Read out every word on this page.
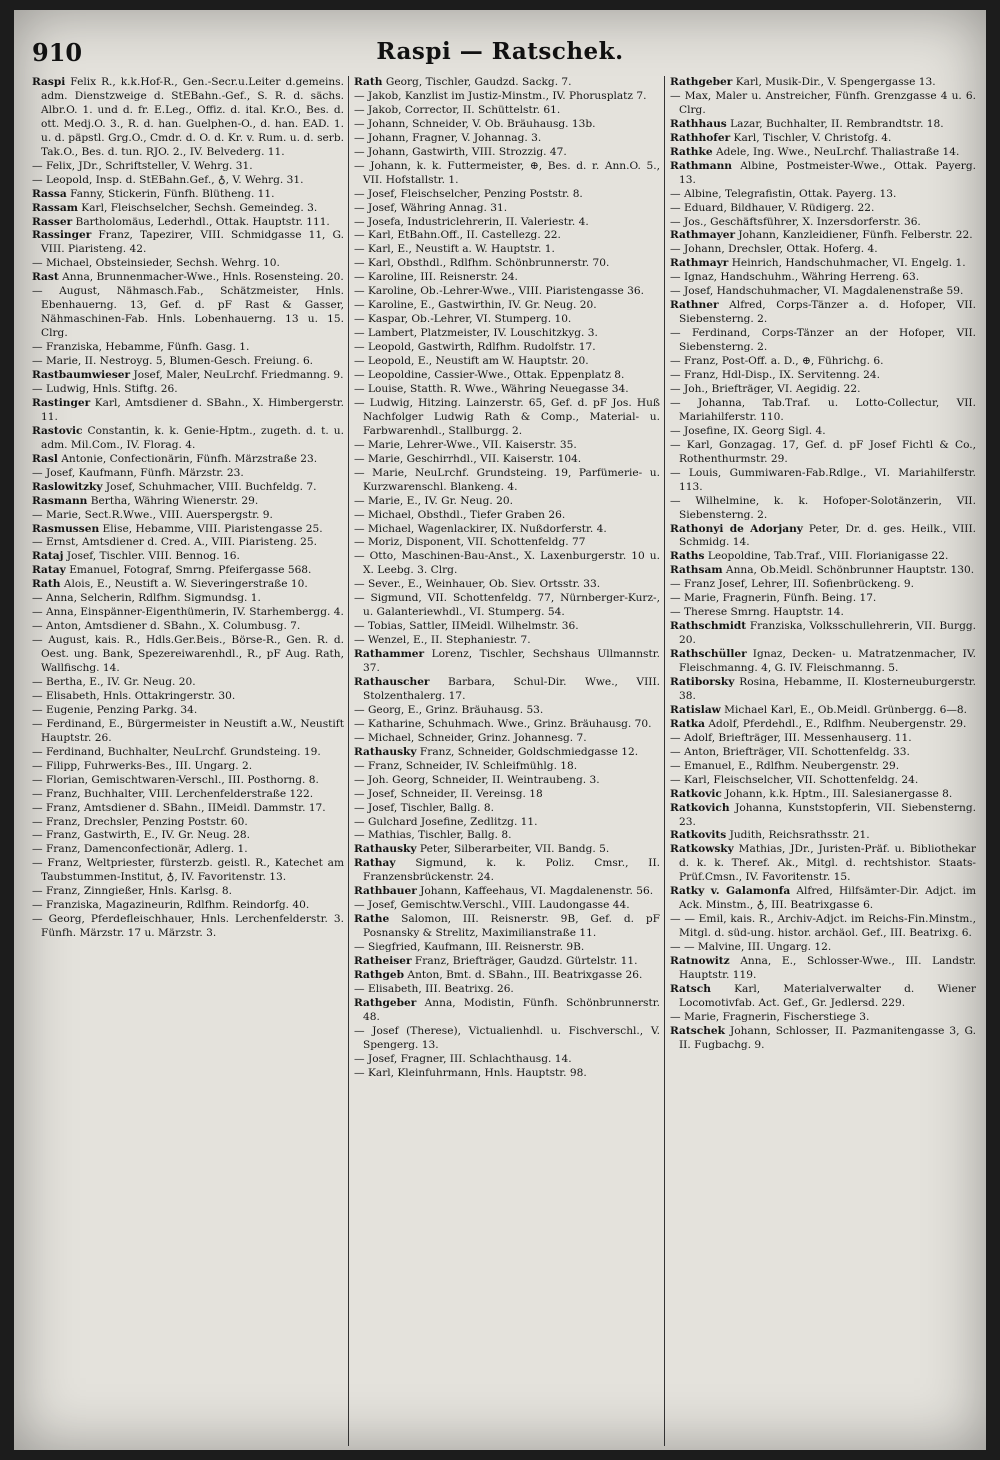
910	Raspi — Ratschek.

Raspi Felix R., k.k.Hof-R., Gen.-Secr.u.Leiter d.gemeins. adm. Dienstzweige d. StEBahn.-Gef., S. R. d. sächs. Albr.O. 1. und d. fr. E.Leg., Offiz. d. ital. Kr.O., Bes. d. ott. Medj.O. 3., R. d. han. Guelphen-O., d. han. EAD. 1. u. d. päpstl. Grg.O., Cmdr. d. O. d. Kr. v. Rum. u. d. serb. Tak.O., Bes. d. tun. RJO. 2., IV. Belvederg. 11.

— Felix, JDr., Schriftsteller, V. Wehrg. 31.

— Leopold, Insp. d. StEBahn.Gef., ♁, V. Wehrg. 31.

Rassa Fanny, Stickerin, Fünfh. Blütheng. 11.

Rassam Karl, Fleischselcher, Sechsh. Gemeindeg. 3.

Rasser Bartholomäus, Lederhdl., Ottak. Hauptstr. 111.

Rassinger Franz, Tapezirer, VIII. Schmidgasse 11, G. VIII. Piaristeng. 42.

— Michael, Obsteinsieder, Sechsh. Wehrg. 10.

Rast Anna, Brunnenmacher-Wwe., Hnls. Rosensteing. 20.

— August, Nähmasch.Fab., Schätzmeister, Hnls. Ebenhauerng. 13, Gef. d. pF Rast & Gasser, Nähmaschinen-Fab. Hnls. Lobenhauerng. 13 u. 15. Clrg.

— Franziska, Hebamme, Fünfh. Gasg. 1.

— Marie, II. Nestroyg. 5, Blumen-Gesch. Freiung. 6.

Rastbaumwieser Josef, Maler, NeuLrchf. Friedmanng. 9.

— Ludwig, Hnls. Stiftg. 26.

Rastinger Karl, Amtsdiener d. SBahn., X. Himbergerstr. 11.

Rastovic Constantin, k. k. Genie-Hptm., zugeth. d. t. u. adm. Mil.Com., IV. Florag. 4.

Rasl Antonie, Confectionärin, Fünfh. Märzstraße 23.

— Josef, Kaufmann, Fünfh. Märzstr. 23.

Raslowitzky Josef, Schuhmacher, VIII. Buchfeldg. 7.

Rasmann Bertha, Währing Wienerstr. 29.

— Marie, Sect.R.Wwe., VIII. Auerspergstr. 9.

Rasmussen Elise, Hebamme, VIII. Piaristengasse 25.

— Ernst, Amtsdiener d. Cred. A., VIII. Piaristeng. 25.

Rataj Josef, Tischler. VIII. Bennog. 16.

Ratay Emanuel, Fotograf, Smrng. Pfeifergasse 568.

Rath Alois, E., Neustift a. W. Sieveringerstraße 10.

— Anna, Selcherin, Rdlfhm. Sigmundsg. 1.

— Anna, Einspänner-Eigenthümerin, IV. Starhembergg. 4.

— Anton, Amtsdiener d. SBahn., X. Columbusg. 7.

— August, kais. R., Hdls.Ger.Beis., Börse-R., Gen. R. d. Oest. ung. Bank, Spezereiwarenhdl., R., pF Aug. Rath, Wallfischg. 14.

— Bertha, E., IV. Gr. Neug. 20.

— Elisabeth, Hnls. Ottakringerstr. 30.

— Eugenie, Penzing Parkg. 34.

— Ferdinand, E., Bürgermeister in Neustift a.W., Neustift Hauptstr. 26.

— Ferdinand, Buchhalter, NeuLrchf. Grundsteing. 19.

— Filipp, Fuhrwerks-Bes., III. Ungarg. 2.

— Florian, Gemischtwaren-Verschl., III. Posthorng. 8.

— Franz, Buchhalter, VIII. Lerchenfelderstraße 122.

— Franz, Amtsdiener d. SBahn., IIMeidl. Dammstr. 17.

— Franz, Drechsler, Penzing Poststr. 60.

— Franz, Gastwirth, E., IV. Gr. Neug. 28.

— Franz, Damenconfectionär, Adlerg. 1.

— Franz, Weltpriester, fürsterzb. geistl. R., Katechet am Taubstummen-Institut, ♁, IV. Favoritenstr. 13.

— Franz, Zinngießer, Hnls. Karlsg. 8.

— Franziska, Magazineurin, Rdlfhm. Reindorfg. 40.

— Georg, Pferdefleischhauer, Hnls. Lerchenfelderstr. 3. Fünfh. Märzstr. 17 u. Märzstr. 3.

Rath Georg, Tischler, Gaudzd. Sackg. 7.

— Jakob, Kanzlist im Justiz-Minstm., IV. Phorusplatz 7.

— Jakob, Corrector, II. Schüttelstr. 61.

— Johann, Schneider, V. Ob. Bräuhausg. 13b.

— Johann, Fragner, V. Johannag. 3.

— Johann, Gastwirth, VIII. Strozzig. 47.

— Johann, k. k. Futtermeister, ⊕, Bes. d. r. Ann.O. 5., VII. Hofstallstr. 1.

— Josef, Fleischselcher, Penzing Poststr. 8.

— Josef, Währing Annag. 31.

— Josefa, Industriclehrerin, II. Valeriestr. 4.

— Karl, EtBahn.Off., II. Castellezg. 22.

— Karl, E., Neustift a. W. Hauptstr. 1.

— Karl, Obsthdl., Rdlfhm. Schönbrunnerstr. 70.

— Karoline, III. Reisnerstr. 24.

— Karoline, Ob.-Lehrer-Wwe., VIII. Piaristengasse 36.

— Karoline, E., Gastwirthin, IV. Gr. Neug. 20.

— Kaspar, Ob.-Lehrer, VI. Stumperg. 10.

— Lambert, Platzmeister, IV. Louschitzkyg. 3.

— Leopold, Gastwirth, Rdlfhm. Rudolfstr. 17.

— Leopold, E., Neustift am W. Hauptstr. 20.

— Leopoldine, Cassier-Wwe., Ottak. Eppenplatz 8.

— Louise, Statth. R. Wwe., Währing Neuegasse 34.

— Ludwig, Hitzing. Lainzerstr. 65, Gef. d. pF Jos. Huß Nachfolger Ludwig Rath & Comp., Material- u. Farbwarenhdl., Stallburgg. 2.

— Marie, Lehrer-Wwe., VII. Kaiserstr. 35.

— Marie, Geschirrhdl., VII. Kaiserstr. 104.

— Marie, NeuLrchf. Grundsteing. 19, Parfümerie- u. Kurzwarenschl. Blankeng. 4.

— Marie, E., IV. Gr. Neug. 20.

— Michael, Obsthdl., Tiefer Graben 26.

— Michael, Wagenlackirer, IX. Nußdorferstr. 4.

— Moriz, Disponent, VII. Schottenfeldg. 77

— Otto, Maschinen-Bau-Anst., X. Laxenburgerstr. 10 u. X. Leebg. 3. Clrg.

— Sever., E., Weinhauer, Ob. Siev. Ortsstr. 33.

— Sigmund, VII. Schottenfeldg. 77, Nürnberger-Kurz-, u. Galanteriewhdl., VI. Stumperg. 54.

— Tobias, Sattler, IIMeidl. Wilhelmstr. 36.

— Wenzel, E., II. Stephaniestr. 7.

Rathammer Lorenz, Tischler, Sechshaus Ullmannstr. 37.

Rathauscher Barbara, Schul-Dir. Wwe., VIII. Stolzenthalerg. 17.

— Georg, E., Grinz. Bräuhausg. 53.

— Katharine, Schuhmach. Wwe., Grinz. Bräuhausg. 70.

— Michael, Schneider, Grinz. Johannesg. 7.

Rathausky Franz, Schneider, Goldschmiedgasse 12.

— Franz, Schneider, IV. Schleifmühlg. 18.

— Joh. Georg, Schneider, II. Weintraubeng. 3.

— Josef, Schneider, II. Vereinsg. 18

— Josef, Tischler, Ballg. 8.

— Gulchard Josefine, Zedlitzg. 11.

— Mathias, Tischler, Ballg. 8.

Rathausky Peter, Silberarbeiter, VII. Bandg. 5.

Rathay Sigmund, k. k. Poliz. Cmsr., II. Franzensbrückenstr. 24.

Rathbauer Johann, Kaffeehaus, VI. Magdalenenstr. 56.

— Josef, Gemischtw.Verschl., VIII. Laudongasse 44.

Rathe Salomon, III. Reisnerstr. 9B, Gef. d. pF Posnansky & Strelitz, Maximilianstraße 11.

— Siegfried, Kaufmann, III. Reisnerstr. 9B.

Ratheiser Franz, Briefträger, Gaudzd. Gürtelstr. 11.

Rathgeb Anton, Bmt. d. SBahn., III. Beatrixgasse 26.

— Elisabeth, III. Beatrixg. 26.

Rathgeber Anna, Modistin, Fünfh. Schönbrunnerstr. 48.

— Josef (Therese), Victualienhdl. u. Fischverschl., V. Spengerg. 13.

— Josef, Fragner, III. Schlachthausg. 14.

— Karl, Kleinfuhrmann, Hnls. Hauptstr. 98.

Rathgeber Karl, Musik-Dir., V. Spengergasse 13.

— Max, Maler u. Anstreicher, Fünfh. Grenzgasse 4 u. 6. Clrg.

Rathhaus Lazar, Buchhalter, II. Rembrandtstr. 18.

Rathhofer Karl, Tischler, V. Christofg. 4.

Rathke Adele, Ing. Wwe., NeuLrchf. Thaliastraße 14.

Rathmann Albine, Postmeister-Wwe., Ottak. Payerg. 13.

— Albine, Telegrafistin, Ottak. Payerg. 13.

— Eduard, Bildhauer, V. Rüdigerg. 22.

— Jos., Geschäftsführer, X. Inzersdorferstr. 36.

Rathmayer Johann, Kanzleidiener, Fünfh. Felberstr. 22.

— Johann, Drechsler, Ottak. Hoferg. 4.

Rathmayr Heinrich, Handschuhmacher, VI. Engelg. 1.

— Ignaz, Handschuhm., Währing Herreng. 63.

— Josef, Handschuhmacher, VI. Magdalenenstraße 59.

Rathner Alfred, Corps-Tänzer a. d. Hofoper, VII. Siebensterng. 2.

— Ferdinand, Corps-Tänzer an der Hofoper, VII. Siebensterng. 2.

— Franz, Post-Off. a. D., ⊕, Führichg. 6.

— Franz, Hdl-Disp., IX. Servitenng. 24.

— Joh., Briefträger, VI. Aegidig. 22.

— Johanna, Tab.Traf. u. Lotto-Collectur, VII. Mariahilferstr. 110.

— Josefine, IX. Georg Sigl. 4.

— Karl, Gonzagag. 17, Gef. d. pF Josef Fichtl & Co., Rothenthurmstr. 29.

— Louis, Gummiwaren-Fab.Rdlge., VI. Mariahilferstr. 113.

— Wilhelmine, k. k. Hofoper-Solotänzerin, VII. Siebensterng. 2.

Rathonyi de Adorjany Peter, Dr. d. ges. Heilk., VIII. Schmidg. 14.

Raths Leopoldine, Tab.Traf., VIII. Florianigasse 22.

Rathsam Anna, Ob.Meidl. Schönbrunner Hauptstr. 130.

— Franz Josef, Lehrer, III. Sofienbrückeng. 9.

— Marie, Fragnerin, Fünfh. Being. 17.

— Therese Smrng. Hauptstr. 14.

Rathschmidt Franziska, Volksschullehrerin, VII. Burgg. 20.

Rathschüller Ignaz, Decken- u. Matratzenmacher, IV. Fleischmanng. 4, G. IV. Fleischmanng. 5.

Ratiborsky Rosina, Hebamme, II. Klosterneuburgerstr. 38.

Ratislaw Michael Karl, E., Ob.Meidl. Grünbergg. 6—8.

Ratka Adolf, Pferdehdl., E., Rdlfhm. Neubergenstr. 29.

— Adolf, Briefträger, III. Messenhauserg. 11.

— Anton, Briefträger, VII. Schottenfeldg. 33.

— Emanuel, E., Rdlfhm. Neubergenstr. 29.

— Karl, Fleischselcher, VII. Schottenfeldg. 24.

Ratkovic Johann, k.k. Hptm., III. Salesianergasse 8.

Ratkovich Johanna, Kunststopferin, VII. Siebensterng. 23.

Ratkovits Judith, Reichsrathsstr. 21.

Ratkowsky Mathias, JDr., Juristen-Präf. u. Bibliothekar d. k. k. Theref. Ak., Mitgl. d. rechtshistor. Staats-Prüf.Cmsn., IV. Favoritenstr. 15.

Ratky v. Galamonfa Alfred, Hilfsämter-Dir. Adjct. im Ack. Minstm., ♁, III. Beatrixgasse 6.

— — Emil, kais. R., Archiv-Adjct. im Reichs-Fin.Minstm., Mitgl. d. süd-ung. histor. archäol. Gef., III. Beatrixg. 6.

— — Malvine, III. Ungarg. 12.

Ratnowitz Anna, E., Schlosser-Wwe., III. Landstr. Hauptstr. 119.

Ratsch Karl, Materialverwalter d. Wiener Locomotivfab. Act. Gef., Gr. Jedlersd. 229.

— Marie, Fragnerin, Fischerstiege 3.

Ratschek Johann, Schlosser, II. Pazmanitengasse 3, G. II. Fugbachg. 9.
